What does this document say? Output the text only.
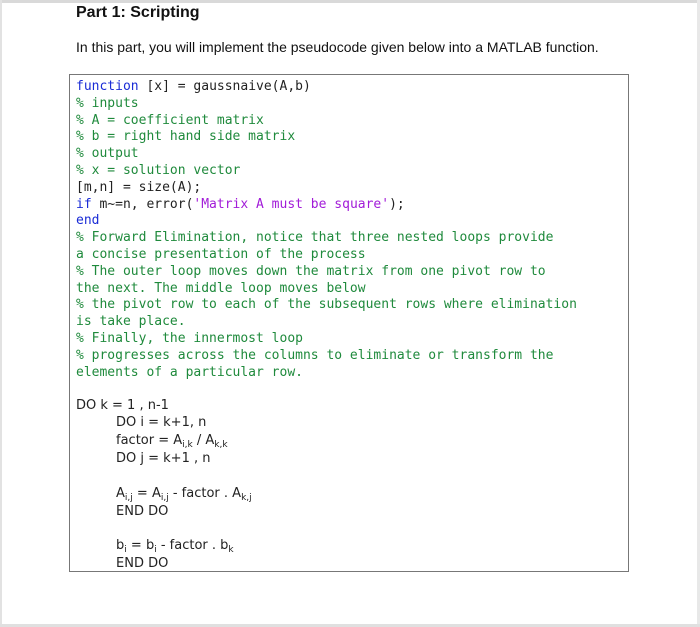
Part 1: Scripting
In this part, you will implement the pseudocode given below into a MATLAB function.
function [x] = gaussnaive(A,b)
% inputs
% A = coefficient matrix
% b = right hand side matrix
% output
% x = solution vector
[m,n] = size(A);
if m~=n, error('Matrix A must be square');
end
% Forward Elimination, notice that three nested loops provide
a concise presentation of the process
% The outer loop moves down the matrix from one pivot row to
the next. The middle loop moves below
% the pivot row to each of the subsequent rows where elimination
is take place.
% Finally, the innermost loop
% progresses across the columns to eliminate or transform the
elements of a particular row.
DO k = 1 , n-1
DO i = k+1, n
factor = $A_{i,k} / A_{k,k}$
DO j = k+1 , n
$A_{i,j} = A_{i,j}$ - factor . $A_{k,j}$
END DO
$b_i = b_i$ - factor . $b_k$
END DO
